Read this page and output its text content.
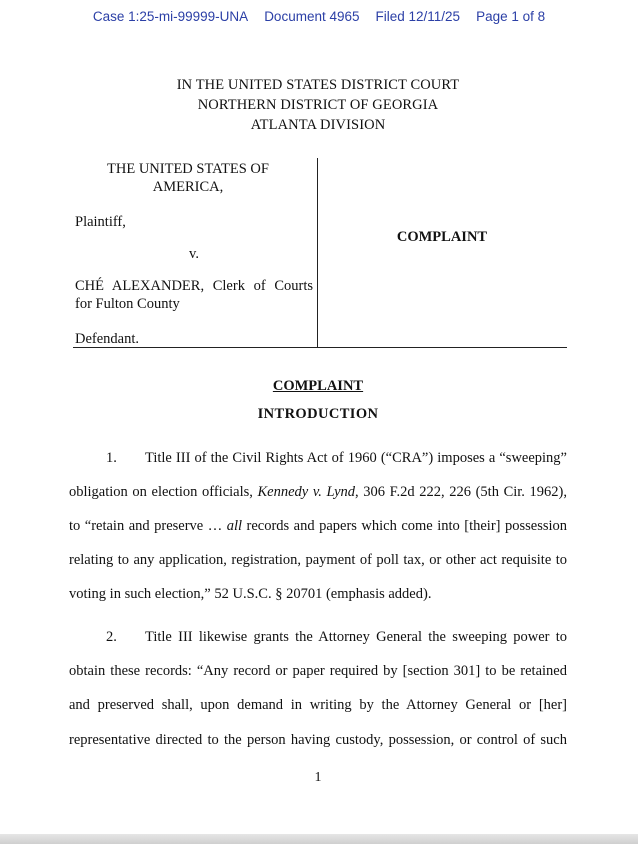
Case 1:25-mi-99999-UNA Document 4965 Filed 12/11/25 Page 1 of 8
IN THE UNITED STATES DISTRICT COURT
NORTHERN DISTRICT OF GEORGIA
ATLANTA DIVISION
THE UNITED STATES OF
AMERICA,
Plaintiff,
v.
CHÉ ALEXANDER, Clerk of Courts
for Fulton County
Defendant.
COMPLAINT
COMPLAINT
INTRODUCTION
1. Title III of the Civil Rights Act of 1960 (“CRA”) imposes a “sweeping”
obligation on election officials, Kennedy v. Lynd, 306 F.2d 222, 226 (5th Cir. 1962),
to “retain and preserve … all records and papers which come into [their] possession
relating to any application, registration, payment of poll tax, or other act requisite to
voting in such election,” 52 U.S.C. § 20701 (emphasis added).
2. Title III likewise grants the Attorney General the sweeping power to
obtain these records: “Any record or paper required by [section 301] to be retained
and preserved shall, upon demand in writing by the Attorney General or [her]
representative directed to the person having custody, possession, or control of such
1
